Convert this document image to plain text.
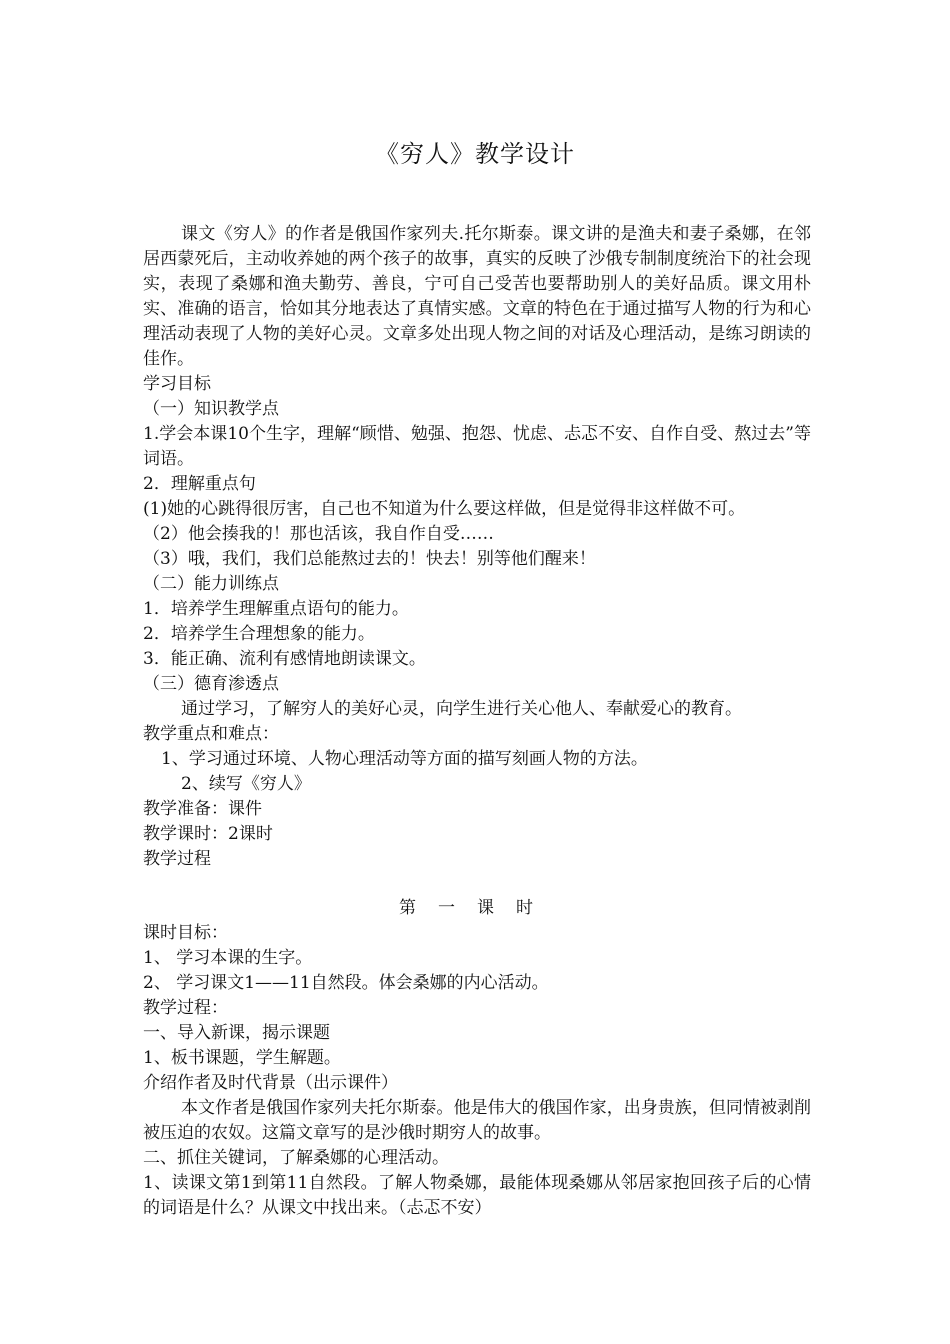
《穷人》教学设计

课文《穷人》的作者是俄国作家列夫.托尔斯泰。课文讲的是渔夫和妻子桑娜，在邻居西蒙死后，主动收养她的两个孩子的故事，真实的反映了沙俄专制制度统治下的社会现实，表现了桑娜和渔夫勤劳、善良，宁可自己受苦也要帮助别人的美好品质。课文用朴实、准确的语言，恰如其分地表达了真情实感。文章的特色在于通过描写人物的行为和心理活动表现了人物的美好心灵。文章多处出现人物之间的对话及心理活动，是练习朗读的佳作。

学习目标

（一）知识教学点

1.学会本课10个生字，理解“顾惜、勉强、抱怨、忧虑、忐忑不安、自作自受、熬过去”等词语。

2．理解重点句

(1)她的心跳得很厉害，自己也不知道为什么要这样做，但是觉得非这样做不可。

（2）他会揍我的！那也活该，我自作自受……

（3）哦，我们，我们总能熬过去的！快去！别等他们醒来！

（二）能力训练点

1．培养学生理解重点语句的能力。

2．培养学生合理想象的能力。

3．能正确、流利有感情地朗读课文。

（三）德育渗透点

通过学习，了解穷人的美好心灵，向学生进行关心他人、奉献爱心的教育。

教学重点和难点：

1、学习通过环境、人物心理活动等方面的描写刻画人物的方法。

2、续写《穷人》

教学准备：课件

教学课时：2课时

教学过程

第一课时

课时目标：

1、 学习本课的生字。

2、 学习课文1——11自然段。体会桑娜的内心活动。

教学过程：

一、导入新课，揭示课题

1、板书课题，学生解题。

介绍作者及时代背景（出示课件）

本文作者是俄国作家列夫托尔斯泰。他是伟大的俄国作家，出身贵族，但同情被剥削被压迫的农奴。这篇文章写的是沙俄时期穷人的故事。

二、抓住关键词，了解桑娜的心理活动。

1、读课文第1到第11自然段。了解人物桑娜，最能体现桑娜从邻居家抱回孩子后的心情的词语是什么？从课文中找出来。（忐忑不安）
